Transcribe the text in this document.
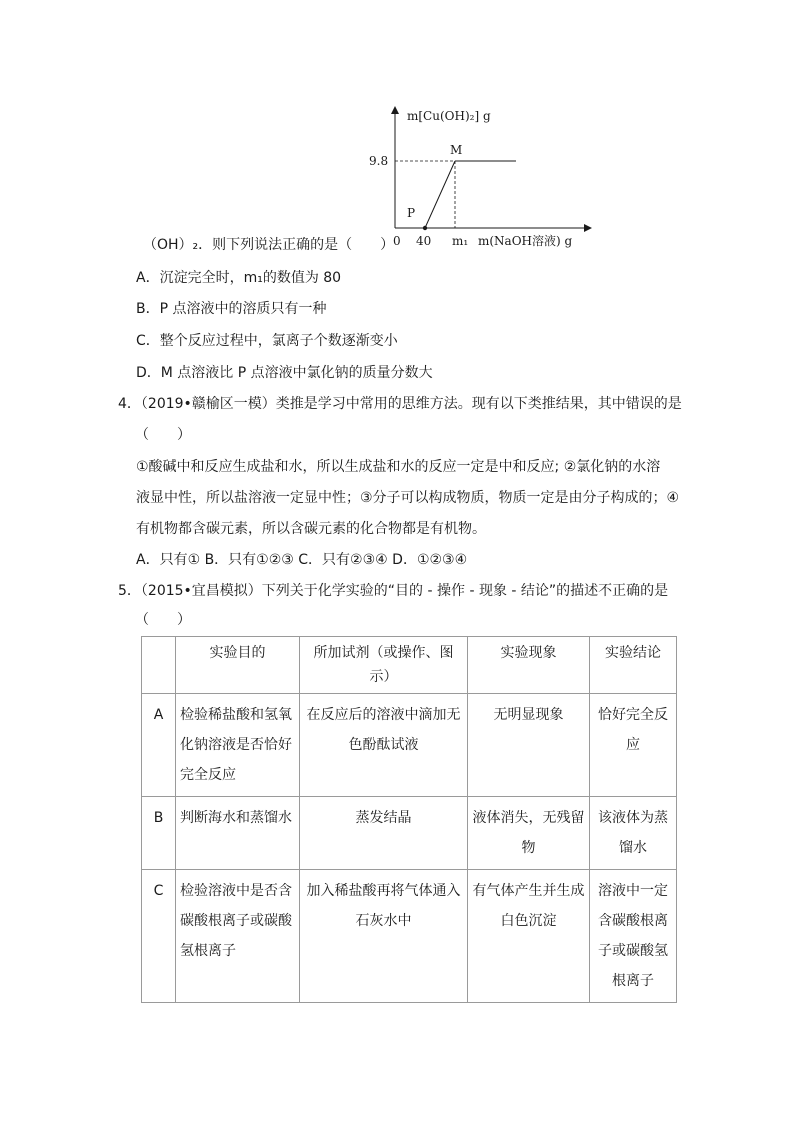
m[Cu(OH)₂] g
9.8
M
P
0 40 m₁ m(NaOH溶液) g
（OH）₂．则下列说法正确的是（　　）
A．沉淀完全时，m₁的数值为 80
B．P 点溶液中的溶质只有一种
C．整个反应过程中，氯离子个数逐渐变小
D．M 点溶液比 P 点溶液中氯化钠的质量分数大
4．（2019•赣榆区一模）类推是学习中常用的思维方法。现有以下类推结果，其中错误的是
（　　）
①酸碱中和反应生成盐和水，所以生成盐和水的反应一定是中和反应; ②氯化钠的水溶
液显中性，所以盐溶液一定显中性；③分子可以构成物质，物质一定是由分子构成的；④
有机物都含碳元素，所以含碳元素的化合物都是有机物。
A．只有① B．只有①②③ C．只有②③④ D．①②③④
5．（2015•宜昌模拟）下列关于化学实验的“目的 - 操作 - 现象 - 结论”的描述不正确的是
（　　）
	实验目的	所加试剂（或操作、图示）	实验现象	实验结论
A	检验稀盐酸和氢氧化钠溶液是否恰好完全反应	在反应后的溶液中滴加无色酚酞试液	无明显现象	恰好完全反应
B	判断海水和蒸馏水	蒸发结晶	液体消失，无残留物	该液体为蒸馏水
C	检验溶液中是否含碳酸根离子或碳酸氢根离子	加入稀盐酸再将气体通入石灰水中	有气体产生并生成白色沉淀	溶液中一定含碳酸根离子或碳酸氢根离子
